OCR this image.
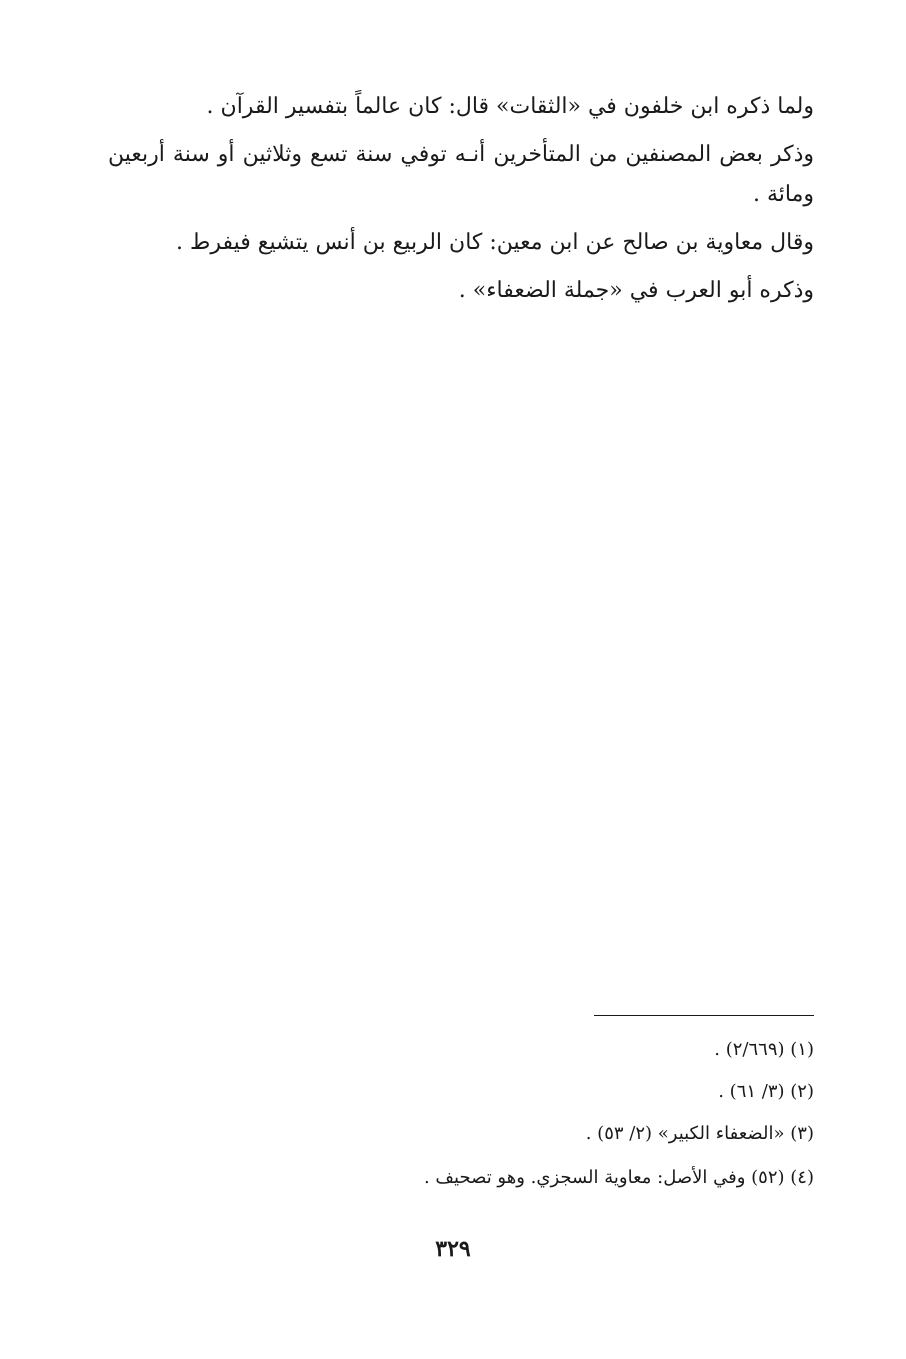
ولما ذكره ابن خلفون في «الثقات» قال: كان عالماً بتفسير القرآن .
وذكر بعض المصنفين من المتأخرين أنـه توفي سنة تسع وثلاثين أو سنة أربعين
ومائة .
وقال معاوية بن صالح عن ابن معين: كان الربيع بن أنس يتشيع فيفرط .
وذكره أبو العرب في «جملة الضعفاء» .
(١) (٢/٦٦٩) .
(٢) (٣/ ٦١) .
(٣) «الضعفاء الكبير» (٢/ ٥٣) .
(٤) (٥٢) وفي الأصل: معاوية السجزي. وهو تصحيف .
٣٢٩
